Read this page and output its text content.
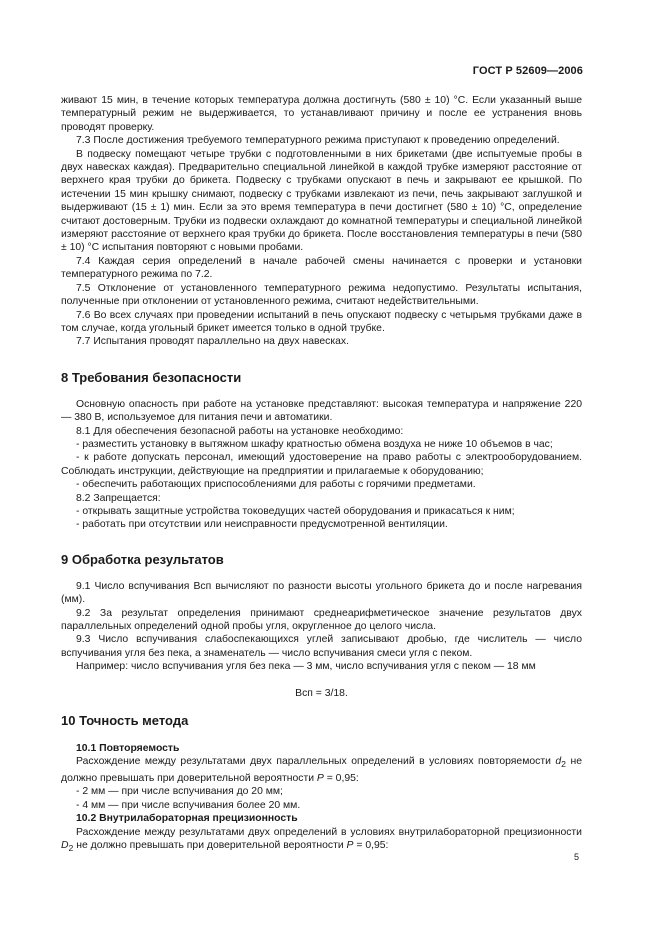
ГОСТ Р 52609—2006

живают 15 мин, в течение которых температура должна достигнуть (580 ± 10) °С. Если указанный выше температурный режим не выдерживается, то устанавливают причину и после ее устранения вновь проводят проверку.

7.3 После достижения требуемого температурного режима приступают к проведению определений.

В подвеску помещают четыре трубки с подготовленными в них брикетами (две испытуемые пробы в двух навесках каждая). Предварительно специальной линейкой в каждой трубке измеряют расстояние от верхнего края трубки до брикета. Подвеску с трубками опускают в печь и закрывают ее крышкой. По истечении 15 мин крышку снимают, подвеску с трубками извлекают из печи, печь закрывают заглушкой и выдерживают (15 ± 1) мин. Если за это время температура в печи достигнет (580 ± 10) °С, определение считают достоверным. Трубки из подвески охлаждают до комнатной температуры и специальной линейкой измеряют расстояние от верхнего края трубки до брикета. После восстановления температуры в печи (580 ± 10) °С испытания повторяют с новыми пробами.

7.4 Каждая серия определений в начале рабочей смены начинается с проверки и установки температурного режима по 7.2.

7.5 Отклонение от установленного температурного режима недопустимо. Результаты испытания, полученные при отклонении от установленного режима, считают недействительными.

7.6 Во всех случаях при проведении испытаний в печь опускают подвеску с четырьмя трубками даже в том случае, когда угольный брикет имеется только в одной трубке.

7.7 Испытания проводят параллельно на двух навесках.

8 Требования безопасности

Основную опасность при работе на установке представляют: высокая температура и напряжение 220 — 380 В, используемое для питания печи и автоматики.

8.1 Для обеспечения безопасной работы на установке необходимо:

- разместить установку в вытяжном шкафу кратностью обмена воздуха не ниже 10 объемов в час;

- к работе допускать персонал, имеющий удостоверение на право работы с электрооборудованием. Соблюдать инструкции, действующие на предприятии и прилагаемые к оборудованию;

- обеспечить работающих приспособлениями для работы с горячими предметами.

8.2 Запрещается:

- открывать защитные устройства токоведущих частей оборудования и прикасаться к ним;

- работать при отсутствии или неисправности предусмотренной вентиляции.

9 Обработка результатов

9.1 Число вспучивания Всп вычисляют по разности высоты угольного брикета до и после нагревания (мм).

9.2 За результат определения принимают среднеарифметическое значение результатов двух параллельных определений одной пробы угля, округленное до целого числа.

9.3 Число вспучивания слабоспекающихся углей записывают дробью, где числитель — число вспучивания угля без пека, а знаменатель — число вспучивания смеси угля с пеком.

Например: число вспучивания угля без пека — 3 мм, число вспучивания угля с пеком — 18 мм

Всп = 3/18.

10 Точность метода

10.1 Повторяемость

Расхождение между результатами двух параллельных определений в условиях повторяемости $d_2$ не должно превышать при доверительной вероятности P = 0,95:

- 2 мм — при числе вспучивания до 20 мм;

- 4 мм — при числе вспучивания более 20 мм.

10.2 Внутрилабораторная прецизионность

Расхождение между результатами двух определений в условиях внутрилабораторной прецизионности $D_2$ не должно превышать при доверительной вероятности P = 0,95:

5
